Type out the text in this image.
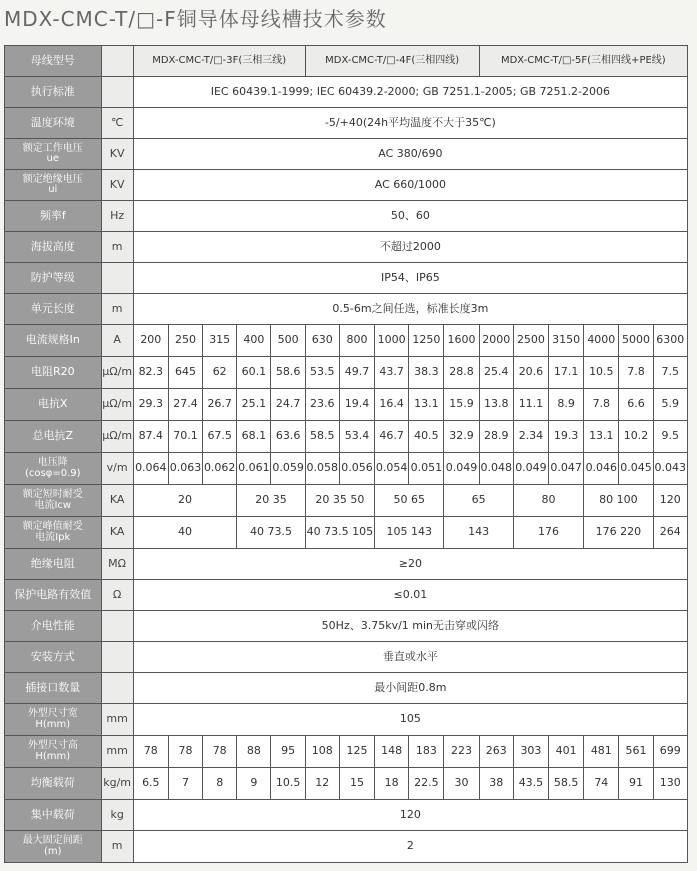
MDX-CMC-T/□-F铜导体母线槽技术参数
母线型号		MDX-CMC-T/□-3F(三相三线)					MDX-CMC-T/□-4F(三相四线)					MDX-CMC-T/□-5F(三相四线+PE线)					
执行标准		IEC 60439.1-1999; IEC 60439.2-2000; GB 7251.1-2005; GB 7251.2-2006															
温度环境	℃	-5/+40(24h平均温度不大于35℃)															
额定工作电压
ue	KV	AC 380/690															
额定绝缘电压
ui	KV	AC 660/1000															
频率f	Hz	50、60															
海拔高度	m	不超过2000															
防护等级		IP54、IP65															
单元长度	m	0.5-6m之间任选，标准长度3m															
电流规格In	A	200	250	315	400	500	630	800	1000	1250	1600	2000	2500	3150	4000	5000	6300
电阻R20	μΩ/m	82.3	645	62	60.1	58.6	53.5	49.7	43.7	38.3	28.8	25.4	20.6	17.1	10.5	7.8	7.5
电抗X	μΩ/m	29.3	27.4	26.7	25.1	24.7	23.6	19.4	16.4	13.1	15.9	13.8	11.1	8.9	7.8	6.6	5.9
总电抗Z	μΩ/m	87.4	70.1	67.5	68.1	63.6	58.5	53.4	46.7	40.5	32.9	28.9	2.34	19.3	13.1	10.2	9.5
电压降
(cosφ=0.9)	v/m	0.064	0.063	0.062	0.061	0.059	0.058	0.056	0.054	0.051	0.049	0.048	0.049	0.047	0.046	0.045	0.043
额定短时耐受
电流Icw	KA	20			20 35		20 35 50		50 65		65		80		80 100		120
额定峰值耐受
电流Ipk	KA	40			40 73.5		40 73.5 105		105 143		143		176		176 220		264
绝缘电阻	MΩ	≥20															
保护电路有效值	Ω	≤0.01															
介电性能		50Hz、3.75kv/1 min无击穿或闪络															
安装方式		垂直或水平															
插接口数量		最小间距0.8m															
外型尺寸宽
H(mm)	mm	105															
外型尺寸高
H(mm)	mm	78	78	78	88	95	108	125	148	183	223	263	303	401	481	561	699
均衡载荷	kg/m	6.5	7	8	9	10.5	12	15	18	22.5	30	38	43.5	58.5	74	91	130
集中载荷	kg	120															
最大固定间距
(m)	m	2															
